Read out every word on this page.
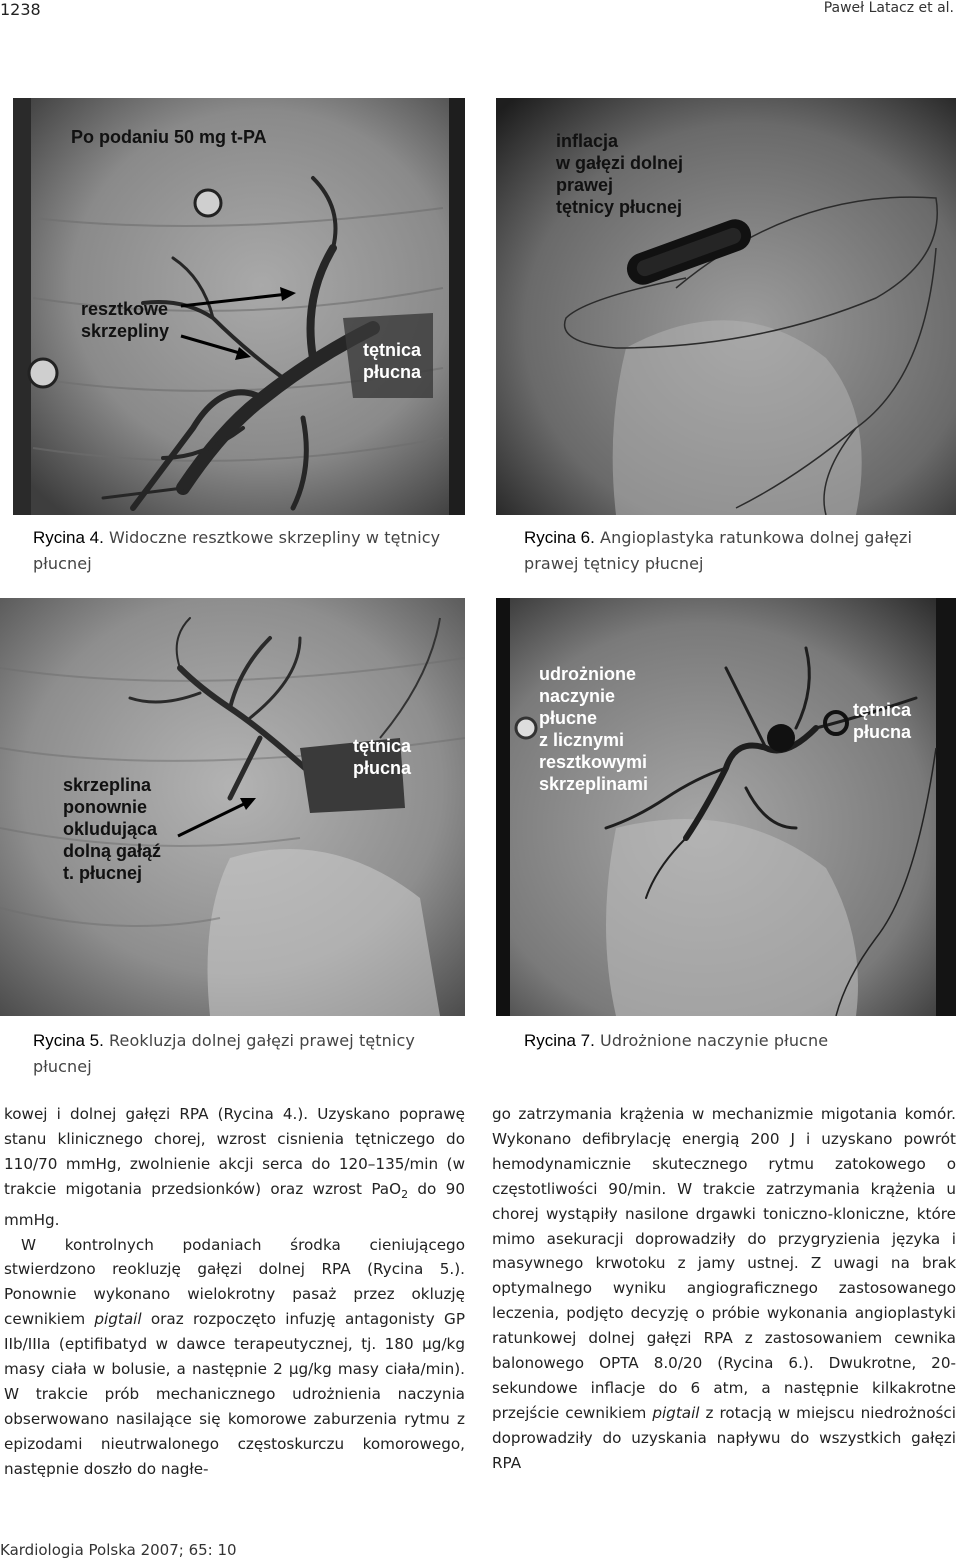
1238	Paweł Latacz et al.
Po podaniu 50 mg t-PA
resztkowe
skrzepliny
tętnica
płucna
Rycina 4. Widoczne resztkowe skrzepliny w tętnicy płucnej
inflacja
w gałęzi dolnej
prawej
tętnicy płucnej
Rycina 6. Angioplastyka ratunkowa dolnej gałęzi prawej tętnicy płucnej
skrzeplina
ponownie
okludująca
dolną gałąź
t. płucnej
tętnica
płucna
Rycina 5. Reokluzja dolnej gałęzi prawej tętnicy płucnej
udrożnione
naczynie
płucne
z licznymi
resztkowymi
skrzeplinami
tętnica
płucna
Rycina 7. Udrożnione naczynie płucne

kowej i dolnej gałęzi RPA (Rycina 4.). Uzyskano poprawę stanu klinicznego chorej, wzrost cisnienia tętniczego do 110/70 mmHg, zwolnienie akcji serca do 120–135/min (w trakcie migotania przedsionków) oraz wzrost PaO$_2$ do 90 mmHg.

W kontrolnych podaniach środka cieniującego stwierdzono reokluzję gałęzi dolnej RPA (Rycina 5.). Ponownie wykonano wielokrotny pasaż przez okluzję cewnikiem pigtail oraz rozpoczęto infuzję antagonisty GP IIb/IIIa (eptifibatyd w dawce terapeutycznej, tj. 180 µg/kg masy ciała w bolusie, a następnie 2 µg/kg masy ciała/min). W trakcie prób mechanicznego udrożnienia naczynia obserwowano nasilające się komorowe zaburzenia rytmu z epizodami nieutrwalonego częstoskurczu komorowego, następnie doszło do nagłe-

go zatrzymania krążenia w mechanizmie migotania komór. Wykonano defibrylację energią 200 J i uzyskano powrót hemodynamicznie skutecznego rytmu zatokowego o częstotliwości 90/min. W trakcie zatrzymania krążenia u chorej wystąpiły nasilone drgawki toniczno-kloniczne, które mimo asekuracji doprowadziły do przygryzienia języka i masywnego krwotoku z jamy ustnej. Z uwagi na brak optymalnego wyniku angiograficznego zastosowanego leczenia, podjęto decyzję o próbie wykonania angioplastyki ratunkowej dolnej gałęzi RPA z zastosowaniem cewnika balonowego OPTA 8.0/20 (Rycina 6.). Dwukrotne, 20-sekundowe inflacje do 6 atm, a następnie kilkakrotne przejście cewnikiem pigtail z rotacją w miejscu niedrożności doprowadziły do uzyskania napływu do wszystkich gałęzi RPA

Kardiologia Polska 2007; 65: 10
